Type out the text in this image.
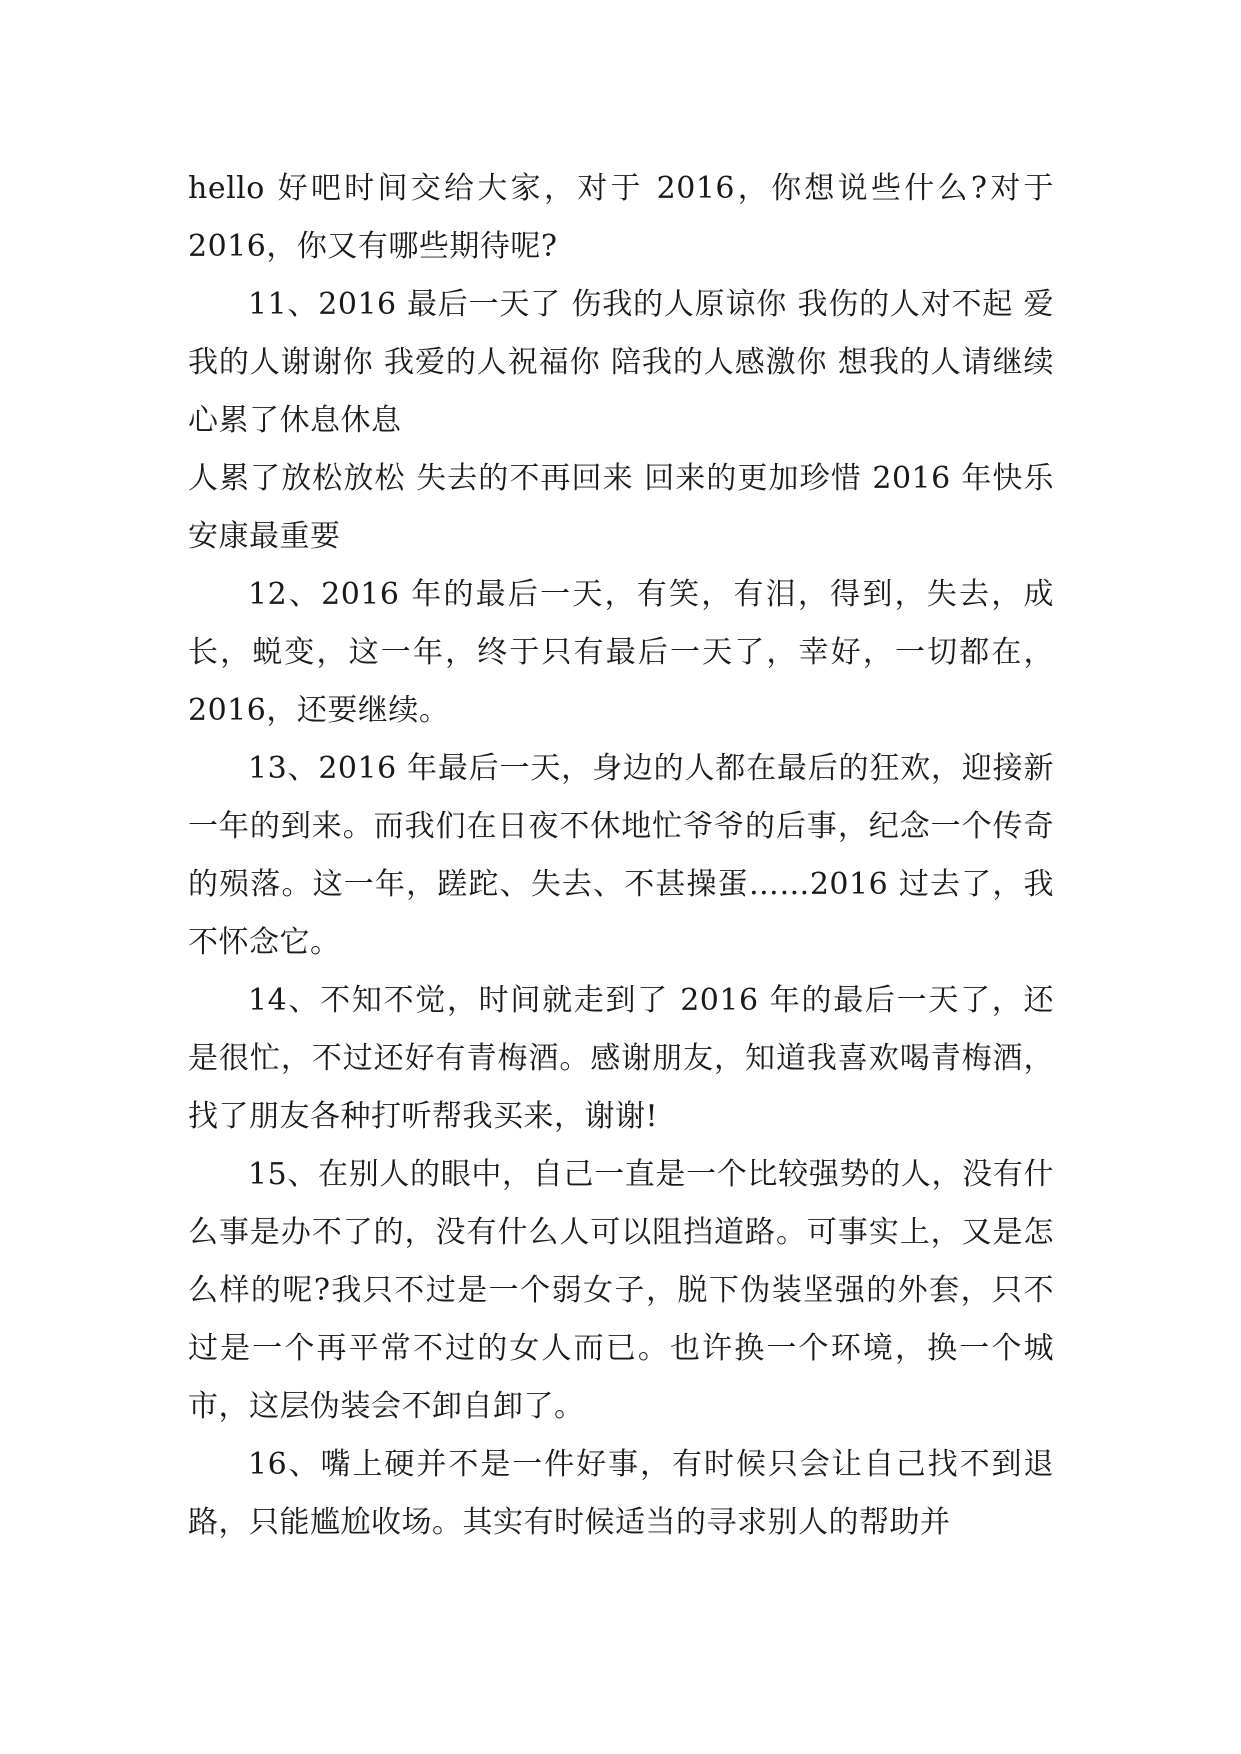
hello 好吧时间交给大家，对于 2016，你想说些什么?对于 2016，你又有哪些期待呢?

11、2016 最后一天了 伤我的人原谅你 我伤的人对不起 爱我的人谢谢你 我爱的人祝福你 陪我的人感激你 想我的人请继续 心累了休息休息

人累了放松放松 失去的不再回来 回来的更加珍惜 2016 年快乐安康最重要

12、2016 年的最后一天，有笑，有泪，得到，失去，成长，蜕变，这一年，终于只有最后一天了，幸好，一切都在，2016，还要继续。

13、2016 年最后一天，身边的人都在最后的狂欢，迎接新一年的到来。而我们在日夜不休地忙爷爷的后事，纪念一个传奇的殒落。这一年，蹉跎、失去、不甚操蛋……2016 过去了，我不怀念它。

14、不知不觉，时间就走到了 2016 年的最后一天了，还是很忙，不过还好有青梅酒。感谢朋友，知道我喜欢喝青梅酒，找了朋友各种打听帮我买来，谢谢!

15、在别人的眼中，自己一直是一个比较强势的人，没有什么事是办不了的，没有什么人可以阻挡道路。可事实上，又是怎么样的呢?我只不过是一个弱女子，脱下伪装坚强的外套，只不过是一个再平常不过的女人而已。也许换一个环境，换一个城市，这层伪装会不卸自卸了。

16、嘴上硬并不是一件好事，有时候只会让自己找不到退路，只能尴尬收场。其实有时候适当的寻求别人的帮助并
